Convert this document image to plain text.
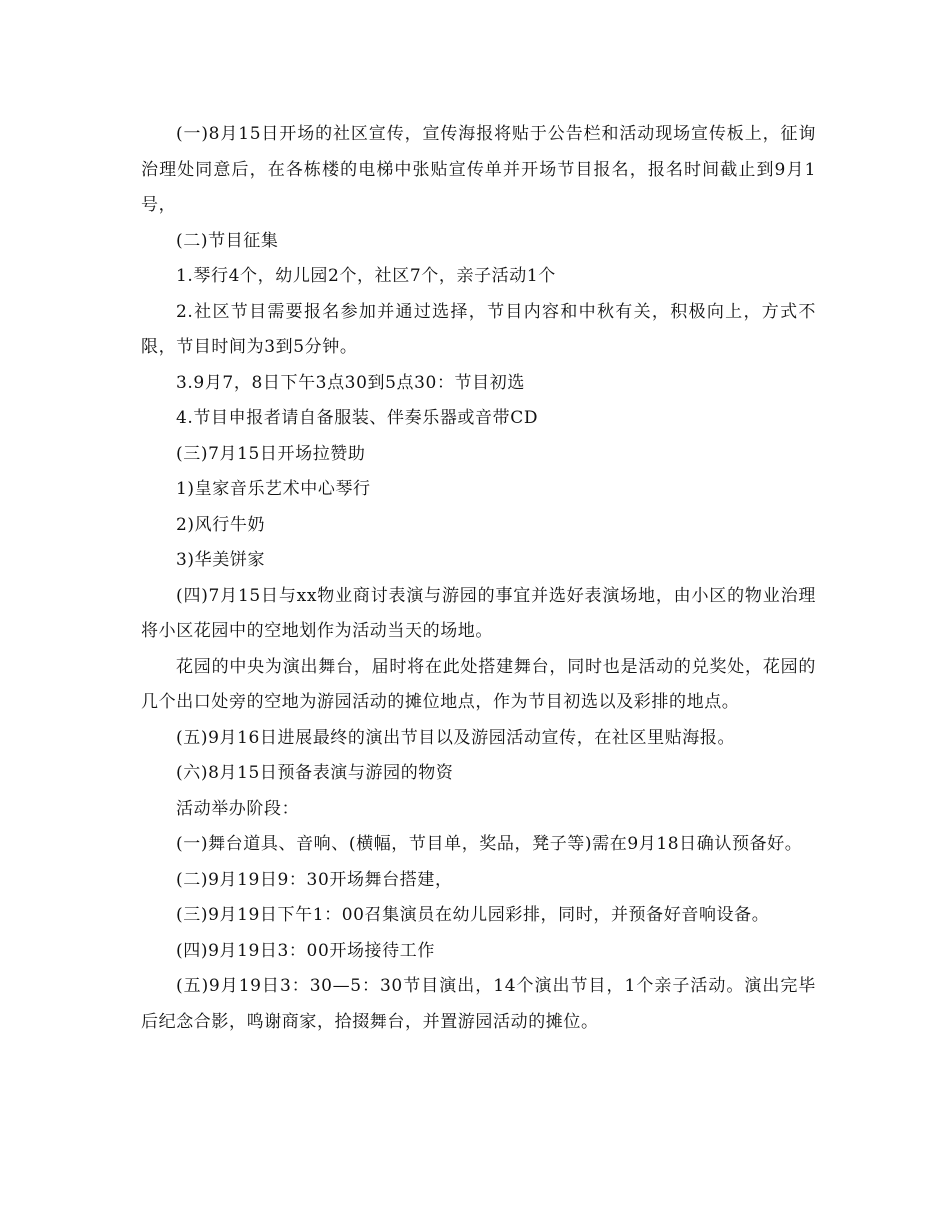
(一)8月15日开场的社区宣传，宣传海报将贴于公告栏和活动现场宣传板上，征询治理处同意后，在各栋楼的电梯中张贴宣传单并开场节目报名，报名时间截止到9月1号，

(二)节目征集

1.琴行4个，幼儿园2个，社区7个，亲子活动1个

2.社区节目需要报名参加并通过选择，节目内容和中秋有关，积极向上，方式不限，节目时间为3到5分钟。

3.9月7，8日下午3点30到5点30：节目初选

4.节目申报者请自备服装、伴奏乐器或音带CD

(三)7月15日开场拉赞助

1)皇家音乐艺术中心琴行

2)风行牛奶

3)华美饼家

(四)7月15日与xx物业商讨表演与游园的事宜并选好表演场地，由小区的物业治理将小区花园中的空地划作为活动当天的场地。

花园的中央为演出舞台，届时将在此处搭建舞台，同时也是活动的兑奖处，花园的几个出口处旁的空地为游园活动的摊位地点，作为节目初选以及彩排的地点。

(五)9月16日进展最终的演出节目以及游园活动宣传，在社区里贴海报。

(六)8月15日预备表演与游园的物资

活动举办阶段：

(一)舞台道具、音响、(横幅，节目单，奖品，凳子等)需在9月18日确认预备好。

(二)9月19日9：30开场舞台搭建，

(三)9月19日下午1：00召集演员在幼儿园彩排，同时，并预备好音响设备。

(四)9月19日3：00开场接待工作

(五)9月19日3：30—5：30节目演出，14个演出节目，1个亲子活动。演出完毕后纪念合影，鸣谢商家，拾掇舞台，并置游园活动的摊位。
